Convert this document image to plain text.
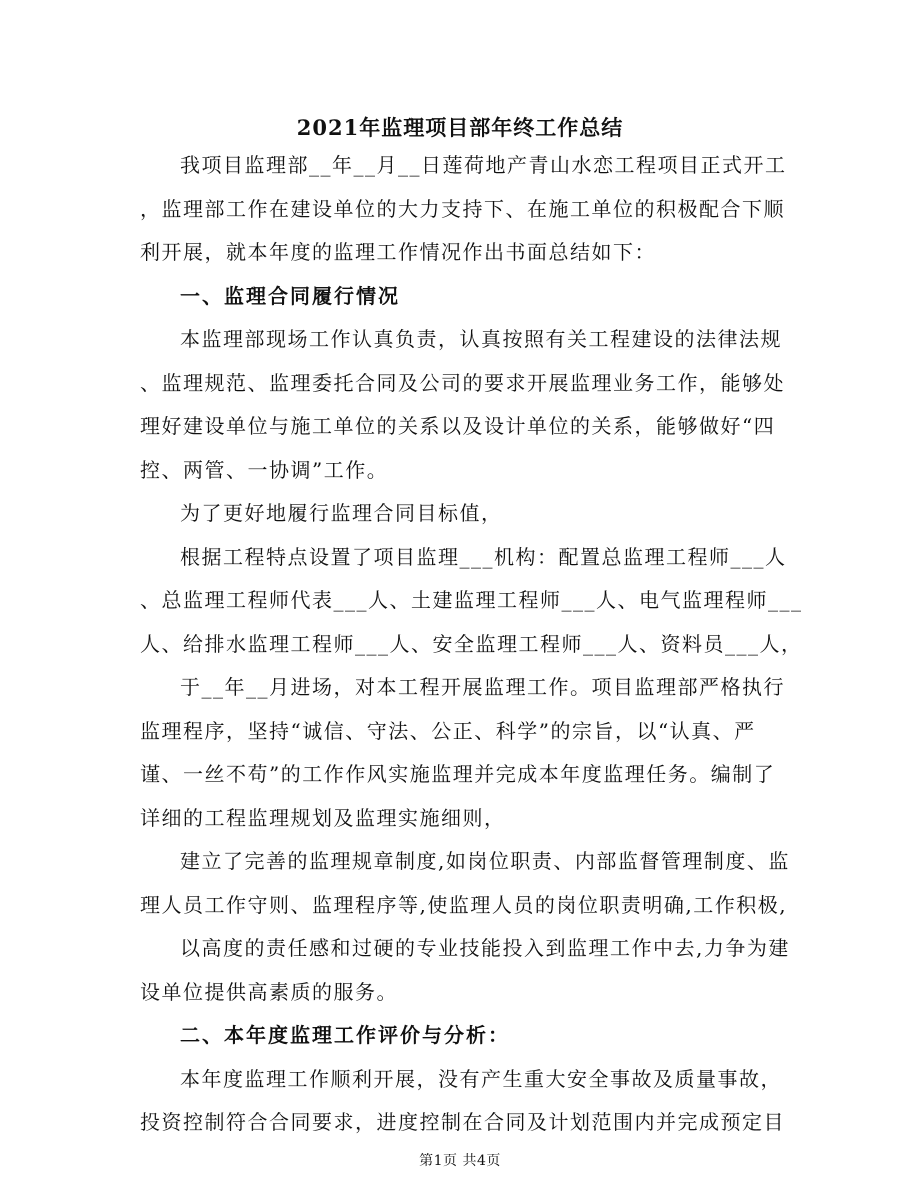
2021年监理项目部年终工作总结
我项目监理部__年__月__日莲荷地产青山水恋工程项目正式开工
，监理部工作在建设单位的大力支持下、在施工单位的积极配合下顺
利开展，就本年度的监理工作情况作出书面总结如下：
一、监理合同履行情况
本监理部现场工作认真负责，认真按照有关工程建设的法律法规
、监理规范、监理委托合同及公司的要求开展监理业务工作，能够处
理好建设单位与施工单位的关系以及设计单位的关系，能够做好“四
控、两管、一协调”工作。
为了更好地履行监理合同目标值，
根据工程特点设置了项目监理___机构：配置总监理工程师___人
、总监理工程师代表___人、土建监理工程师___人、电气监理程师___
人、给排水监理工程师___人、安全监理工程师___人、资料员___人，
于__年__月进场，对本工程开展监理工作。项目监理部严格执行
监理程序，坚持“诚信、守法、公正、科学”的宗旨，以“认真、严
谨、一丝不苟”的工作作风实施监理并完成本年度监理任务。编制了
详细的工程监理规划及监理实施细则，
建立了完善的监理规章制度,如岗位职责、内部监督管理制度、监
理人员工作守则、监理程序等,使监理人员的岗位职责明确,工作积极,
以高度的责任感和过硬的专业技能投入到监理工作中去,力争为建
设单位提供高素质的服务。
二、本年度监理工作评价与分析：
本年度监理工作顺利开展，没有产生重大安全事故及质量事故，
投资控制符合合同要求，进度控制在合同及计划范围内并完成预定目
第1页 共4页
